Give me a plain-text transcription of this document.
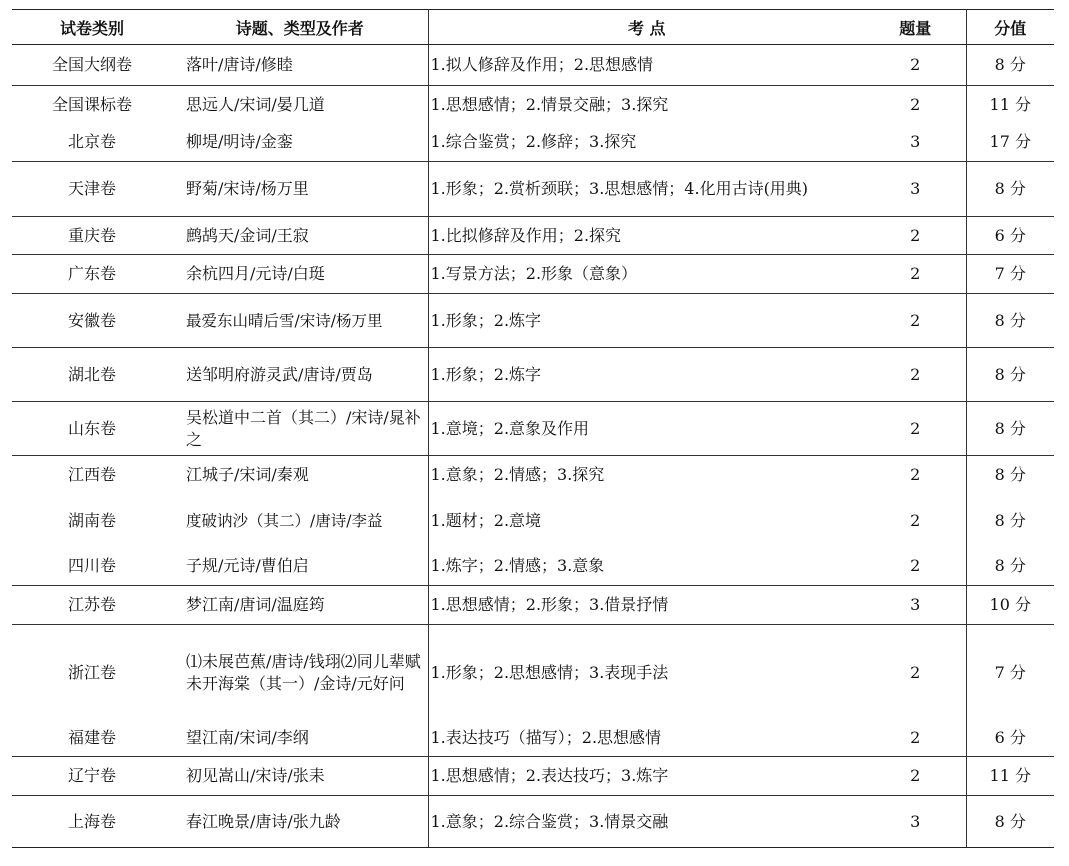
试卷类别	诗题、类型及作者	考 点	题量	分值
全国大纲卷	落叶/唐诗/修睦	1.拟人修辞及作用；2.思想感情	2	8 分
全国课标卷	思远人/宋词/晏几道	1.思想感情；2.情景交融；3.探究	2	11 分
北京卷	柳堤/明诗/金銮	1.综合鉴赏；2.修辞；3.探究	3	17 分
天津卷	野菊/宋诗/杨万里	1.形象；2.赏析颈联；3.思想感情；4.化用古诗(用典)	3	8 分
重庆卷	鹧鸪天/金词/王寂	1.比拟修辞及作用；2.探究	2	6 分
广东卷	余杭四月/元诗/白珽	1.写景方法；2.形象（意象）	2	7 分
安徽卷	最爱东山晴后雪/宋诗/杨万里	1.形象；2.炼字	2	8 分
湖北卷	送邹明府游灵武/唐诗/贾岛	1.形象；2.炼字	2	8 分
山东卷	吴松道中二首（其二）/宋诗/晁补之	1.意境；2.意象及作用	2	8 分
江西卷	江城子/宋词/秦观	1.意象；2.情感；3.探究	2	8 分
湖南卷	度破讷沙（其二）/唐诗/李益	1.题材；2.意境	2	8 分
四川卷	子规/元诗/曹伯启	1.炼字；2.情感；3.意象	2	8 分
江苏卷	梦江南/唐词/温庭筠	1.思想感情；2.形象；3.借景抒情	3	10 分
浙江卷	⑴未展芭蕉/唐诗/钱珝⑵同儿辈赋未开海棠（其一）/金诗/元好问	1.形象；2.思想感情；3.表现手法	2	7 分
福建卷	望江南/宋词/李纲	1.表达技巧（描写）；2.思想感情	2	6 分
辽宁卷	初见嵩山/宋诗/张耒	1.思想感情；2.表达技巧；3.炼字	2	11 分
上海卷	春江晚景/唐诗/张九龄	1.意象；2.综合鉴赏；3.情景交融	3	8 分
